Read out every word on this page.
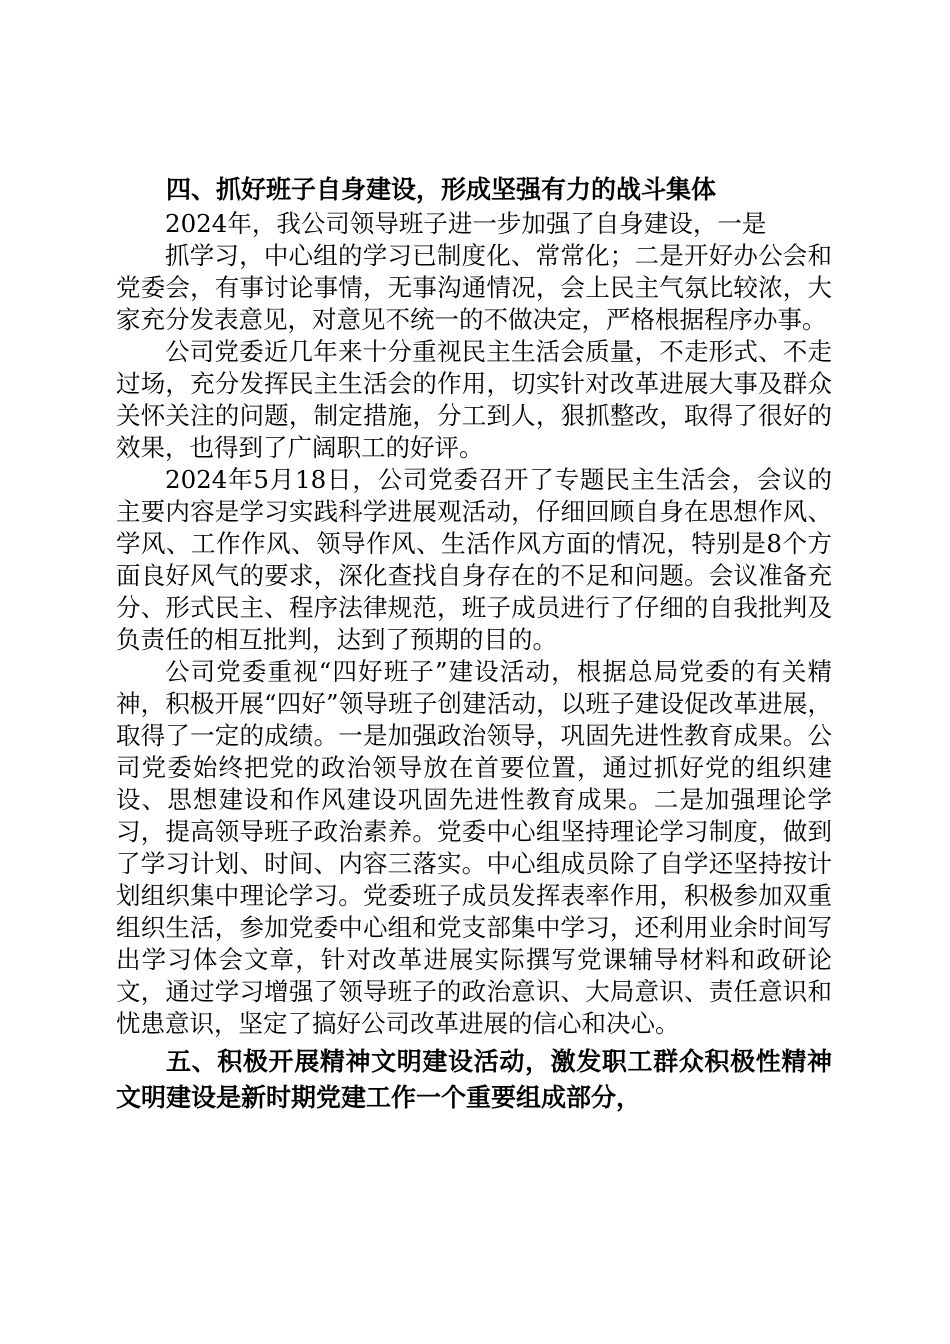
四、抓好班子自身建设，形成坚强有力的战斗集体
2024年，我公司领导班子进一步加强了自身建设，一是

抓学习，中心组的学习已制度化、常常化；二是开好办公会和党委会，有事讨论事情，无事沟通情况，会上民主气氛比较浓，大家充分发表意见，对意见不统一的不做决定，严格根据程序办事。

公司党委近几年来十分重视民主生活会质量，不走形式、不走过场，充分发挥民主生活会的作用，切实针对改革进展大事及群众关怀关注的问题，制定措施，分工到人，狠抓整改，取得了很好的效果，也得到了广阔职工的好评。

2024年5月18日，公司党委召开了专题民主生活会，会议的主要内容是学习实践科学进展观活动，仔细回顾自身在思想作风、学风、工作作风、领导作风、生活作风方面的情况，特别是8个方面良好风气的要求，深化查找自身存在的不足和问题。会议准备充分、形式民主、程序法律规范，班子成员进行了仔细的自我批判及负责任的相互批判，达到了预期的目的。

公司党委重视“四好班子”建设活动，根据总局党委的有关精神，积极开展“四好”领导班子创建活动，以班子建设促改革进展，取得了一定的成绩。一是加强政治领导，巩固先进性教育成果。公司党委始终把党的政治领导放在首要位置，通过抓好党的组织建设、思想建设和作风建设巩固先进性教育成果。二是加强理论学习，提高领导班子政治素养。党委中心组坚持理论学习制度，做到了学习计划、时间、内容三落实。中心组成员除了自学还坚持按计划组织集中理论学习。党委班子成员发挥表率作用，积极参加双重组织生活，参加党委中心组和党支部集中学习，还利用业余时间写出学习体会文章，针对改革进展实际撰写党课辅导材料和政研论文，通过学习增强了领导班子的政治意识、大局意识、责任意识和忧患意识，坚定了搞好公司改革进展的信心和决心。

五、积极开展精神文明建设活动，激发职工群众积极性精神文明建设是新时期党建工作一个重要组成部分，
